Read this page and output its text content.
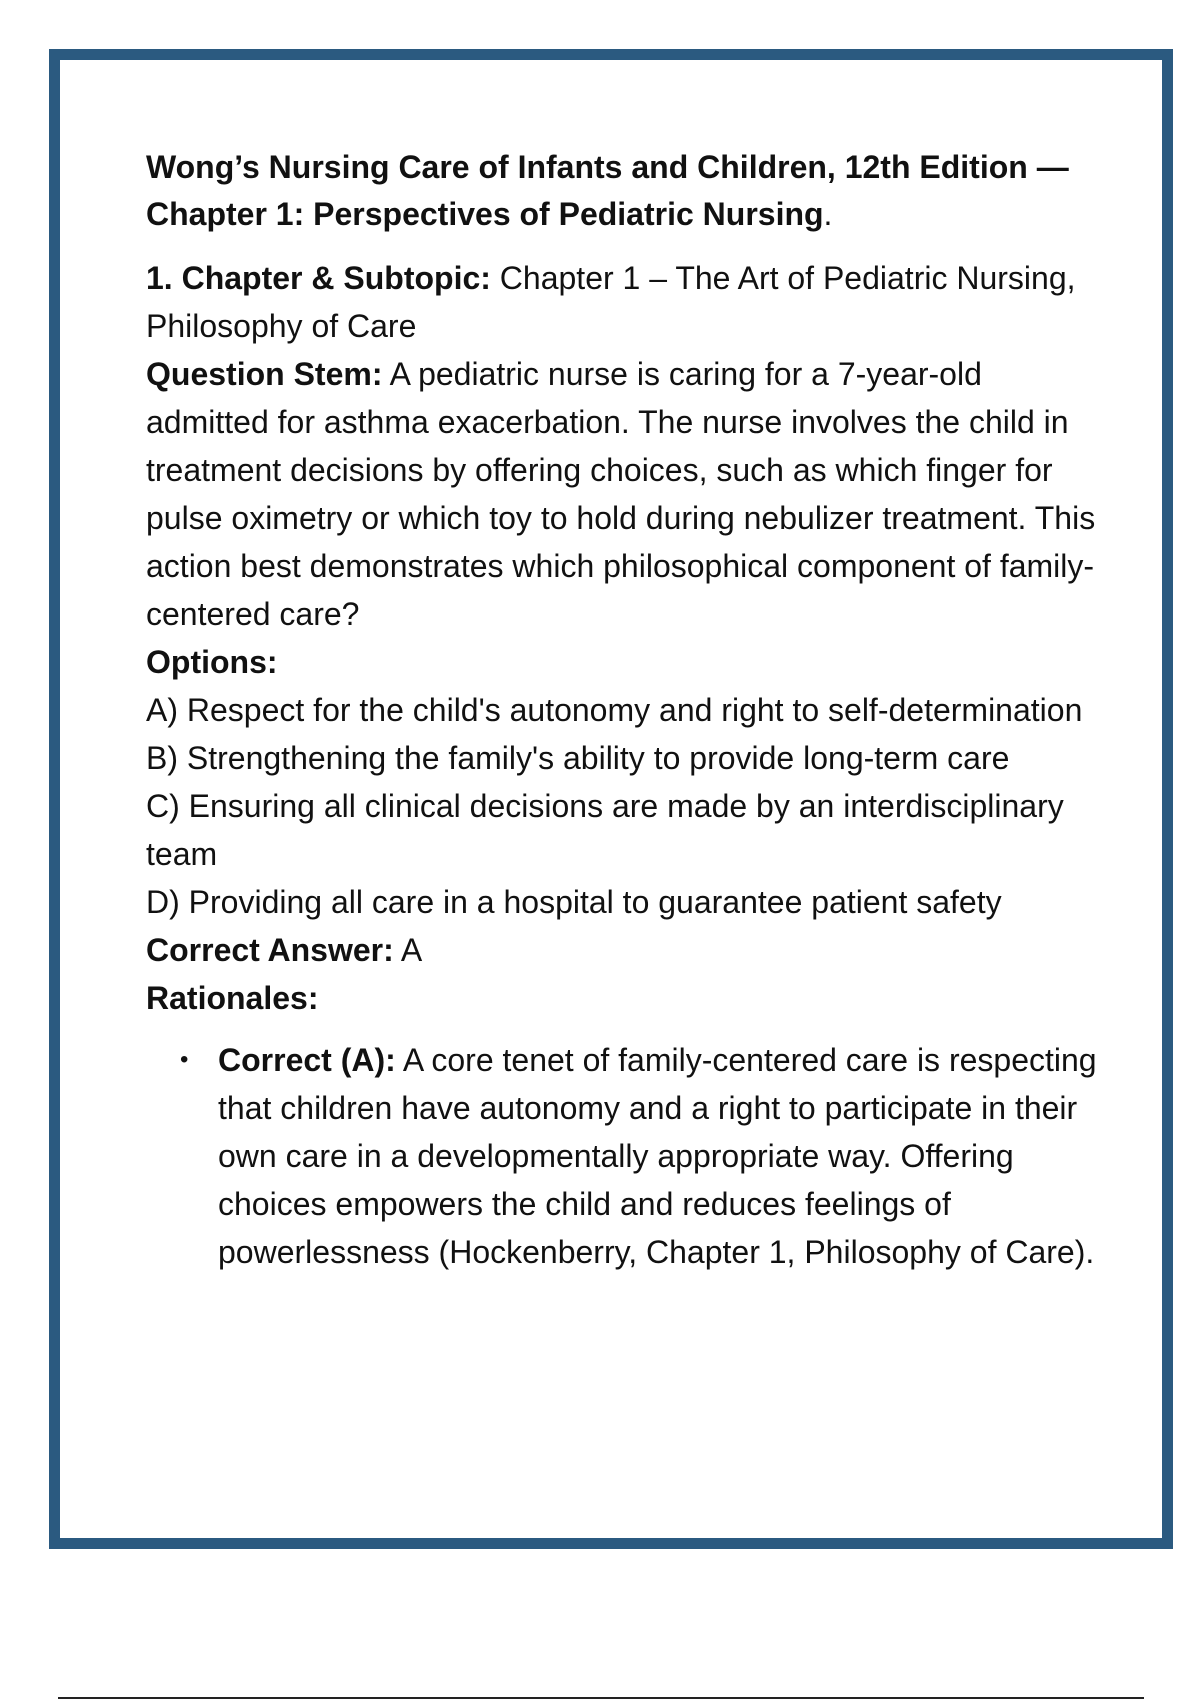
Wong’s Nursing Care of Infants and Children, 12th Edition — Chapter 1: Perspectives of Pediatric Nursing.

1. Chapter & Subtopic: Chapter 1 – The Art of Pediatric Nursing, Philosophy of Care
Question Stem: A pediatric nurse is caring for a 7-year-old admitted for asthma exacerbation. The nurse involves the child in treatment decisions by offering choices, such as which finger for pulse oximetry or which toy to hold during nebulizer treatment. This action best demonstrates which philosophical component of family-centered care?
Options:
A) Respect for the child's autonomy and right to self-determination
B) Strengthening the family's ability to provide long-term care
C) Ensuring all clinical decisions are made by an interdisciplinary team
D) Providing all care in a hospital to guarantee patient safety
Correct Answer: A
Rationales:
• Correct (A): A core tenet of family-centered care is respecting that children have autonomy and a right to participate in their own care in a developmentally appropriate way. Offering choices empowers the child and reduces feelings of powerlessness (Hockenberry, Chapter 1, Philosophy of Care).
